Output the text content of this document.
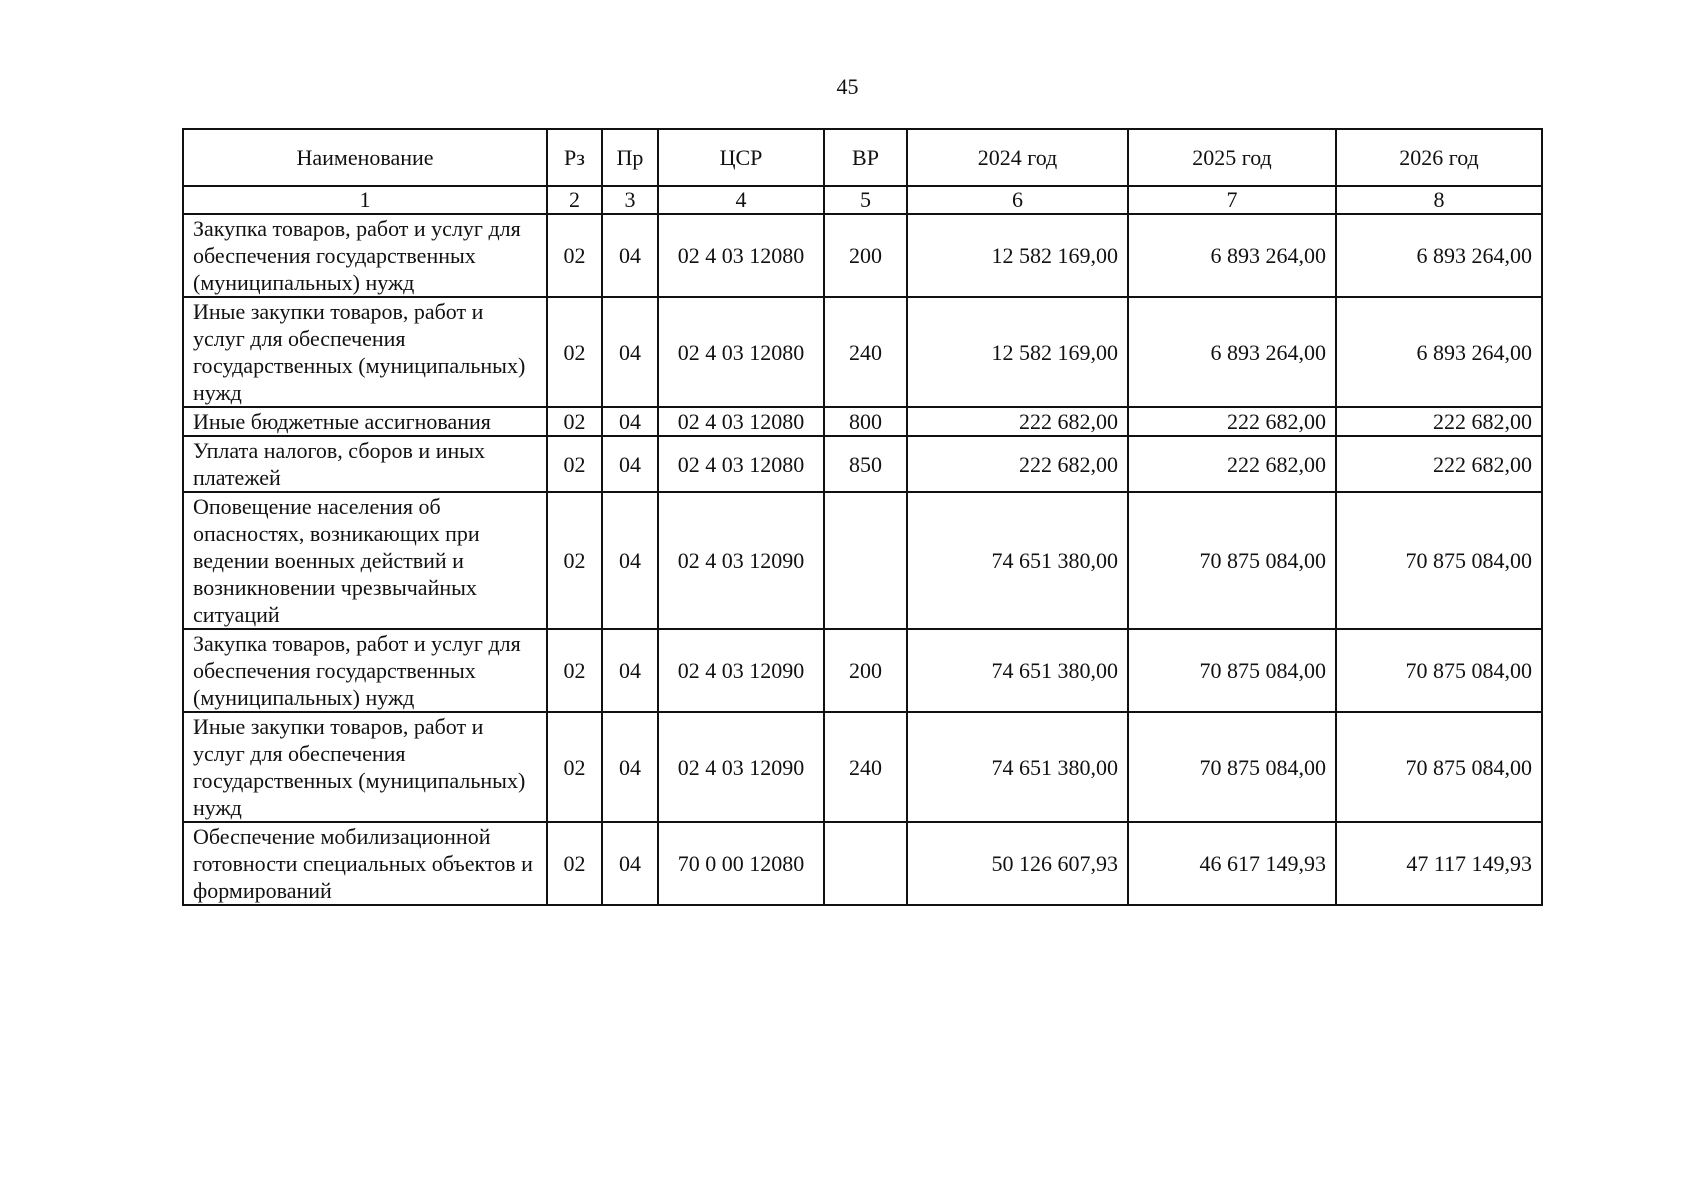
45
Наименование	Рз	Пр	ЦСР	ВР	2024 год	2025 год	2026 год
1	2	3	4	5	6	7	8
Закупка товаров, работ и услуг для обеспечения государственных (муниципальных) нужд	02	04	02 4 03 12080	200	12 582 169,00	6 893 264,00	6 893 264,00
Иные закупки товаров, работ и услуг для обеспечения государственных (муниципальных) нужд	02	04	02 4 03 12080	240	12 582 169,00	6 893 264,00	6 893 264,00
Иные бюджетные ассигнования	02	04	02 4 03 12080	800	222 682,00	222 682,00	222 682,00
Уплата налогов, сборов и иных платежей	02	04	02 4 03 12080	850	222 682,00	222 682,00	222 682,00
Оповещение населения об опасностях, возникающих при ведении военных действий и возникновении чрезвычайных ситуаций	02	04	02 4 03 12090		74 651 380,00	70 875 084,00	70 875 084,00
Закупка товаров, работ и услуг для обеспечения государственных (муниципальных) нужд	02	04	02 4 03 12090	200	74 651 380,00	70 875 084,00	70 875 084,00
Иные закупки товаров, работ и услуг для обеспечения государственных (муниципальных) нужд	02	04	02 4 03 12090	240	74 651 380,00	70 875 084,00	70 875 084,00
Обеспечение мобилизационной готовности специальных объектов и формирований	02	04	70 0 00 12080		50 126 607,93	46 617 149,93	47 117 149,93
